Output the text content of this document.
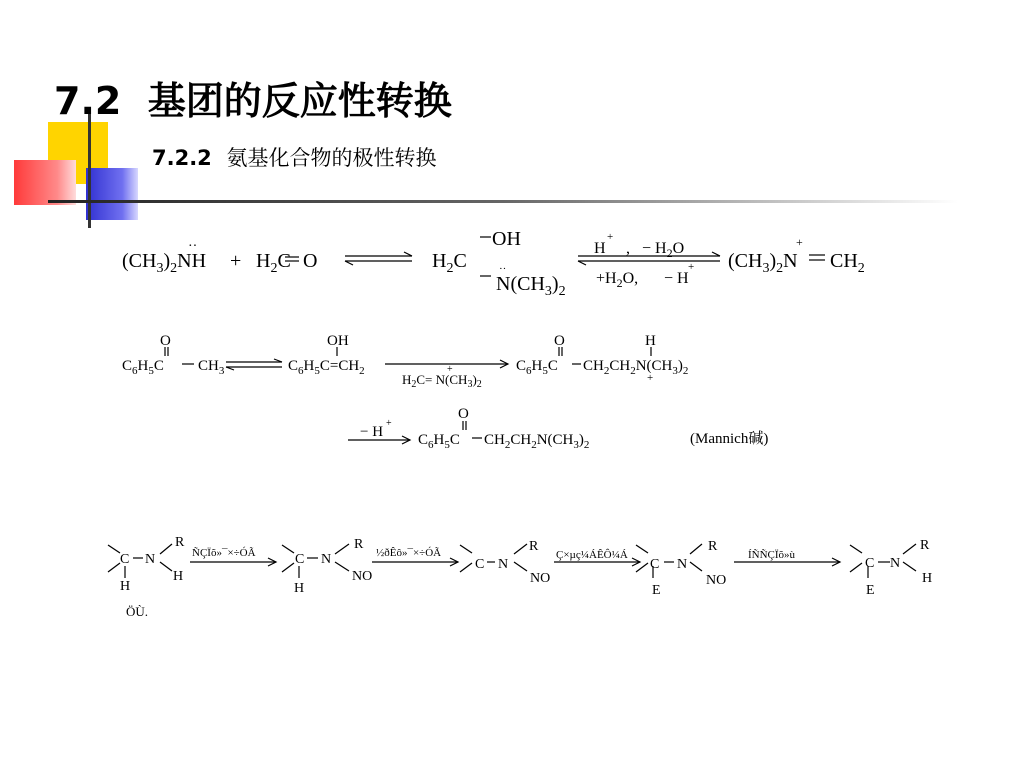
7.2 基团的反应性转换
7.2.2 氨基化合物的极性转换
$(CH_3)_2NH$
··
+ $H_2C$ O	$H_2C$
OH
$N(CH_3)_2$
··	$(CH_3)_2N$
+
$CH_2$
H
+
, − $H_2O$
$+H_2O$, − H
+
O
$C_6H_5C$ $CH_3$
OH
$C_6H_5C=CH_2$
$H_2C= N(CH_3)_2$
+
O
$C_6H_5C$ $CH_2CH_2N(CH_3)_2$
H
+
− H
+
O
$C_6H_5C$ $CH_2CH_2N(CH_3)_2$	(Mannich碱)
C N
R
H
H
ÑÇÏõ»¯×÷ÓÃ	C N
R
NO
H
½ðÊô»¯×÷ÓÃ
C N
R
NO
Ç×µç¼ÁÊÔ¼Á
C N
R
NO
E
ÍÑÑÇÏõ»ù
C N
R
H
E
ÖÙ.
